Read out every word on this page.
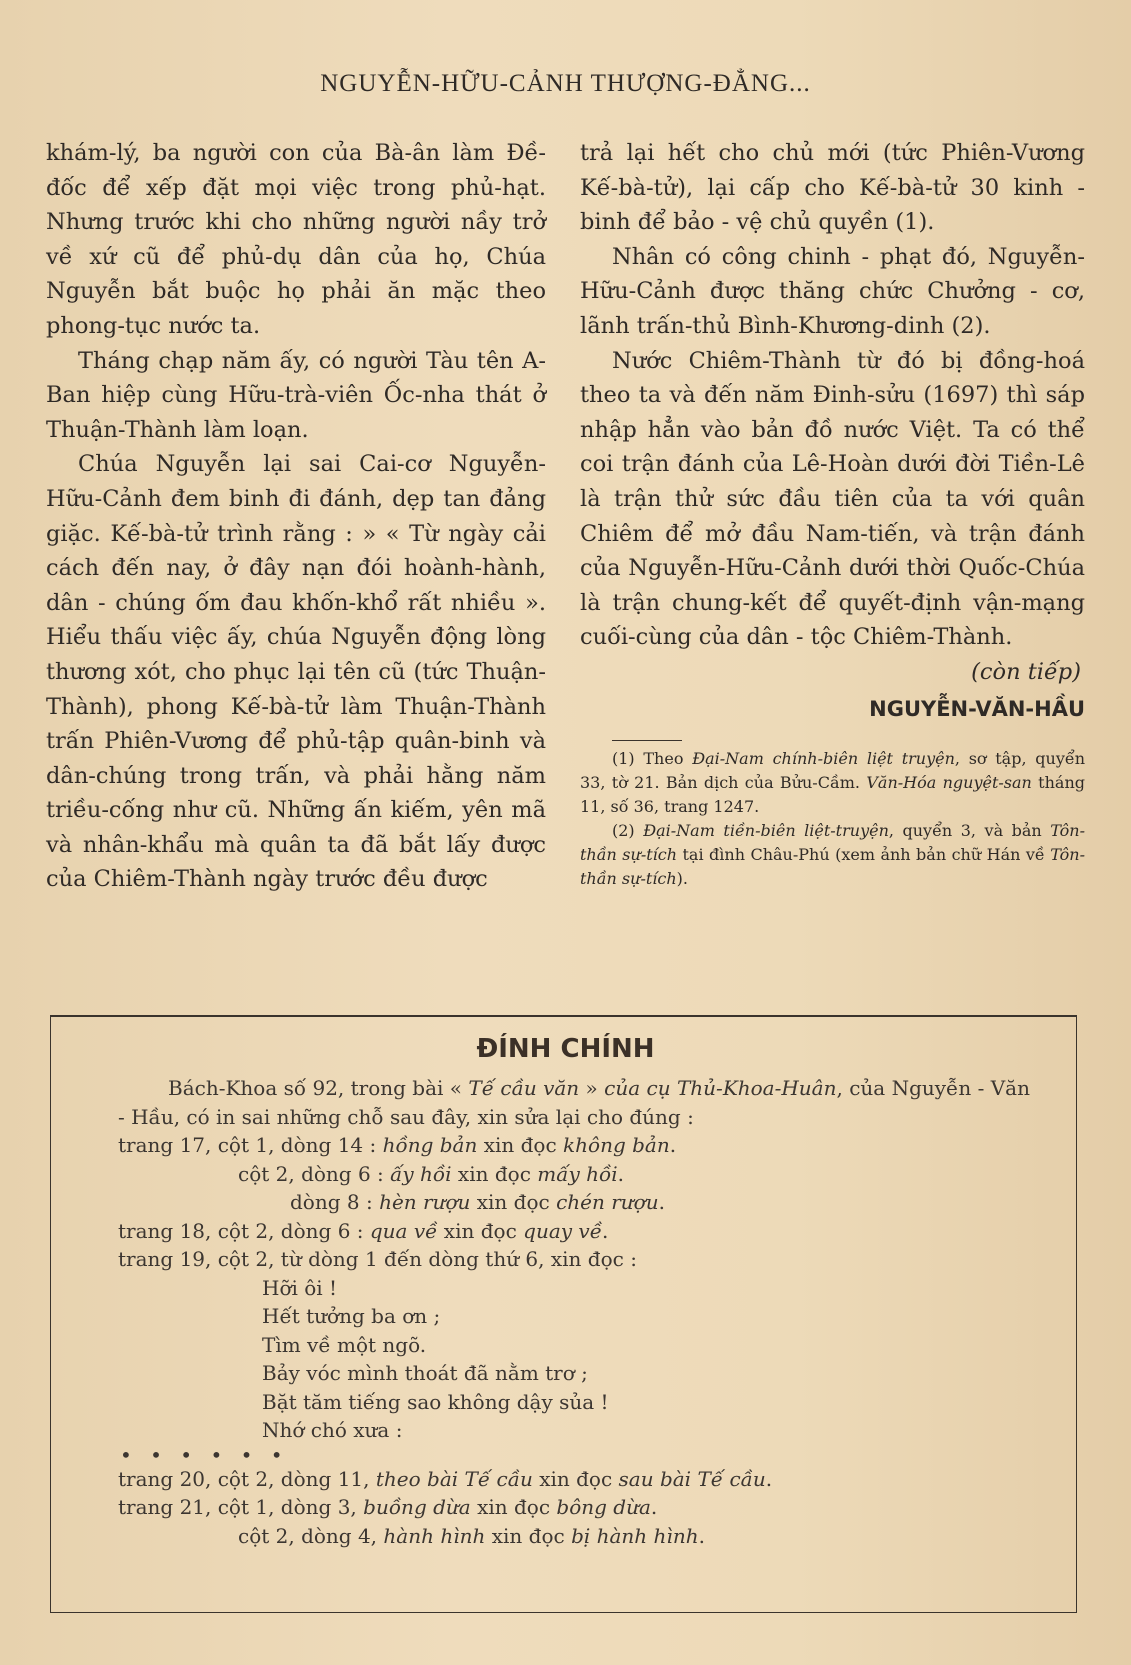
NGUYỄN-HỮU-CẢNH THƯỢNG-ĐẲNG...

khám-lý, ba người con của Bà-ân làm Đề-đốc để xếp đặt mọi việc trong phủ-hạt. Nhưng trước khi cho những người nầy trở về xứ cũ để phủ-dụ dân của họ, Chúa Nguyễn bắt buộc họ phải ăn mặc theo phong-tục nước ta.

Tháng chạp năm ấy, có người Tàu tên A-Ban hiệp cùng Hữu-trà-viên Ốc-nha thát ở Thuận-Thành làm loạn.

Chúa Nguyễn lại sai Cai-cơ Nguyễn-Hữu-Cảnh đem binh đi đánh, dẹp tan đảng giặc. Kế-bà-tử trình rằng : » « Từ ngày cải cách đến nay, ở đây nạn đói hoành-hành, dân - chúng ốm đau khốn-khổ rất nhiều ». Hiểu thấu việc ấy, chúa Nguyễn động lòng thương xót, cho phục lại tên cũ (tức Thuận-Thành), phong Kế-bà-tử làm Thuận-Thành trấn Phiên-Vương để phủ-tập quân-binh và dân-chúng trong trấn, và phải hằng năm triều-cống như cũ. Những ấn kiếm, yên mã và nhân-khẩu mà quân ta đã bắt lấy được của Chiêm-Thành ngày trước đều được

trả lại hết cho chủ mới (tức Phiên-Vương Kế-bà-tử), lại cấp cho Kế-bà-tử 30 kinh - binh để bảo - vệ chủ quyền (1).

Nhân có công chinh - phạt đó, Nguyễn-Hữu-Cảnh được thăng chức Chưởng - cơ, lãnh trấn-thủ Bình-Khương-dinh (2).

Nước Chiêm-Thành từ đó bị đồng-hoá theo ta và đến năm Đinh-sửu (1697) thì sáp nhập hẳn vào bản đồ nước Việt. Ta có thể coi trận đánh của Lê-Hoàn dưới đời Tiền-Lê là trận thử sức đầu tiên của ta với quân Chiêm để mở đầu Nam-tiến, và trận đánh của Nguyễn-Hữu-Cảnh dưới thời Quốc-Chúa là trận chung-kết để quyết-định vận-mạng cuối-cùng của dân - tộc Chiêm-Thành.

(còn tiếp)

NGUYỄN-VĂN-HẦU

(1) Theo Đại-Nam chính-biên liệt truyện, sơ tập, quyển 33, tờ 21. Bản dịch của Bửu-Cầm. Văn-Hóa nguyệt-san tháng 11, số 36, trang 1247.

(2) Đại-Nam tiền-biên liệt-truyện, quyển 3, và bản Tôn-thần sự-tích tại đình Châu-Phú (xem ảnh bản chữ Hán về Tôn-thần sự-tích).

ĐÍNH CHÍNH

Bách-Khoa số 92, trong bài « Tế cầu văn » của cụ Thủ-Khoa-Huân, của Nguyễn - Văn - Hầu, có in sai những chỗ sau đây, xin sửa lại cho đúng :

trang 17, cột 1, dòng 14 : hồng bản xin đọc không bản.

cột 2, dòng 6 : ấy hồi xin đọc mấy hồi.

dòng 8 : hèn rượu xin đọc chén rượu.

trang 18, cột 2, dòng 6 : qua về xin đọc quay về.

trang 19, cột 2, từ dòng 1 đến dòng thứ 6, xin đọc :

Hỡi ôi !

Hết tưởng ba ơn ;

Tìm về một ngõ.

Bảy vóc mình thoát đã nằm trơ ;

Bặt tăm tiếng sao không dậy sủa !

Nhớ chó xưa :

• • • • • •

trang 20, cột 2, dòng 11, theo bài Tế cầu xin đọc sau bài Tế cầu.

trang 21, cột 1, dòng 3, buồng dừa xin đọc bông dừa.

cột 2, dòng 4, hành hình xin đọc bị hành hình.
